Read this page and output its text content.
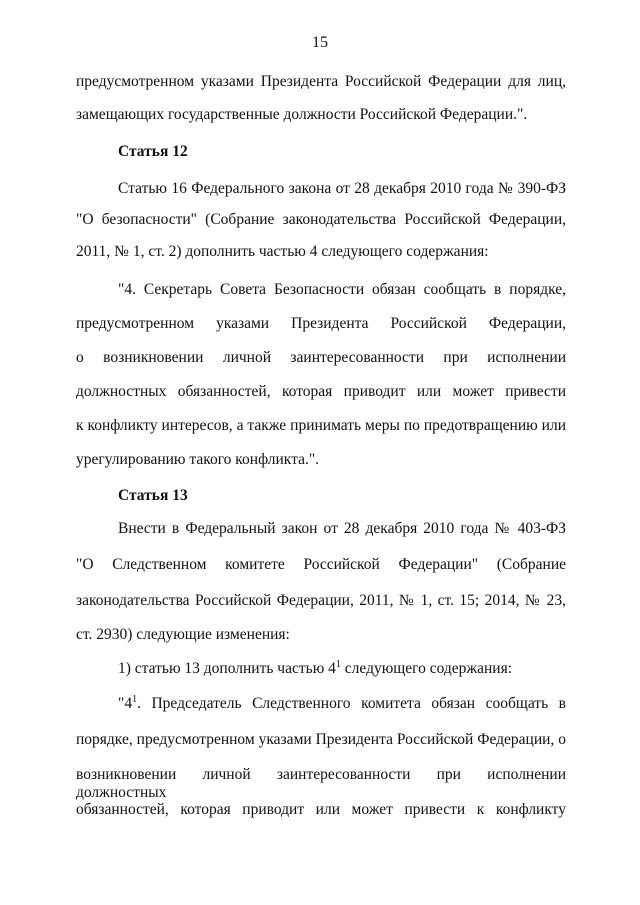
15
предусмотренном указами Президента Российской Федерации для лиц,
замещающих государственные должности Российской Федерации.".
Статья 12
Статью 16 Федерального закона от 28 декабря 2010 года № 390-ФЗ
"О безопасности" (Собрание законодательства Российской Федерации,
2011, № 1, ст. 2) дополнить частью 4 следующего содержания:
"4. Секретарь Совета Безопасности обязан сообщать в порядке,
предусмотренном указами Президента Российской Федерации,
о возникновении личной заинтересованности при исполнении
должностных обязанностей, которая приводит или может привести
к конфликту интересов, а также принимать меры по предотвращению или
урегулированию такого конфликта.".
Статья 13
Внести в Федеральный закон от 28 декабря 2010 года № 403-ФЗ
"О Следственном комитете Российской Федерации" (Собрание
законодательства Российской Федерации, 2011, № 1, ст. 15; 2014, № 23,
ст. 2930) следующие изменения:
1) статью 13 дополнить частью $4^1$ следующего содержания:
"$4^1$. Председатель Следственного комитета обязан сообщать в
порядке, предусмотренном указами Президента Российской Федерации, о
возникновении личной заинтересованности при исполнении должностных
обязанностей, которая приводит или может привести к конфликту
